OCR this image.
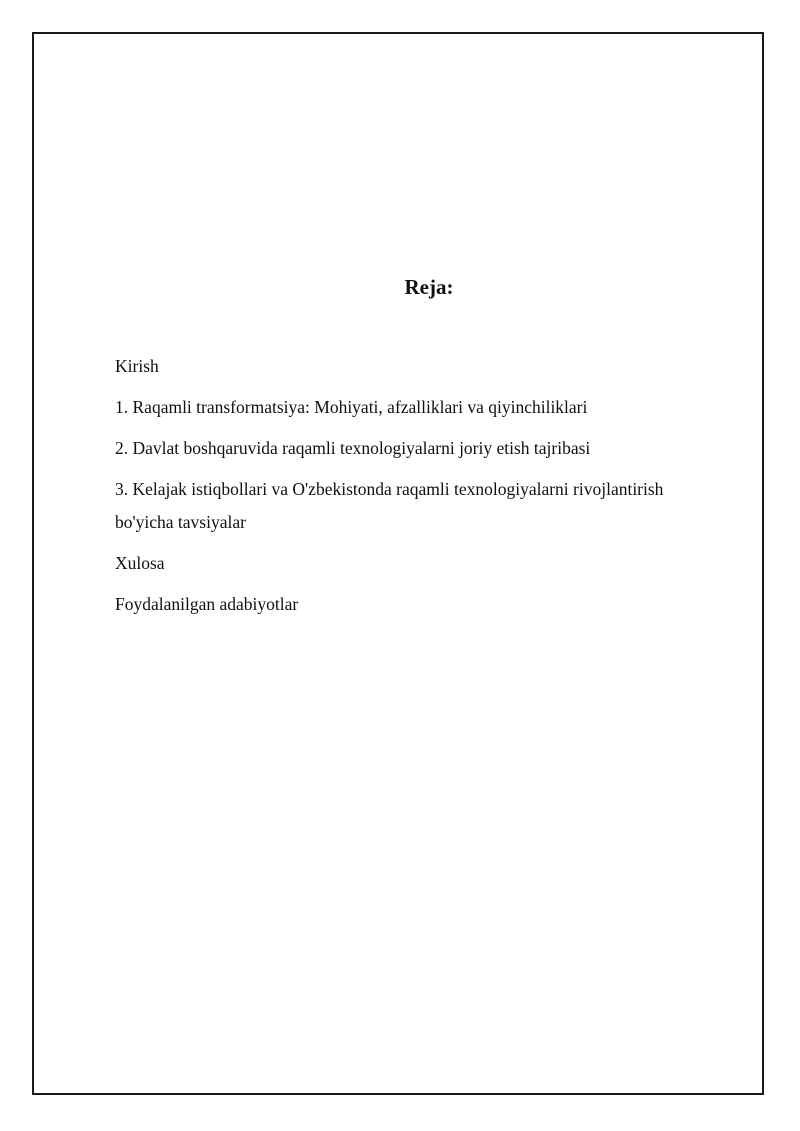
Reja:
Kirish
1. Raqamli transformatsiya: Mohiyati, afzalliklari va qiyinchiliklari
2. Davlat boshqaruvida raqamli texnologiyalarni joriy etish tajribasi
3. Kelajak istiqbollari va O'zbekistonda raqamli texnologiyalarni rivojlantirish bo'yicha tavsiyalar
Xulosa
Foydalanilgan adabiyotlar
